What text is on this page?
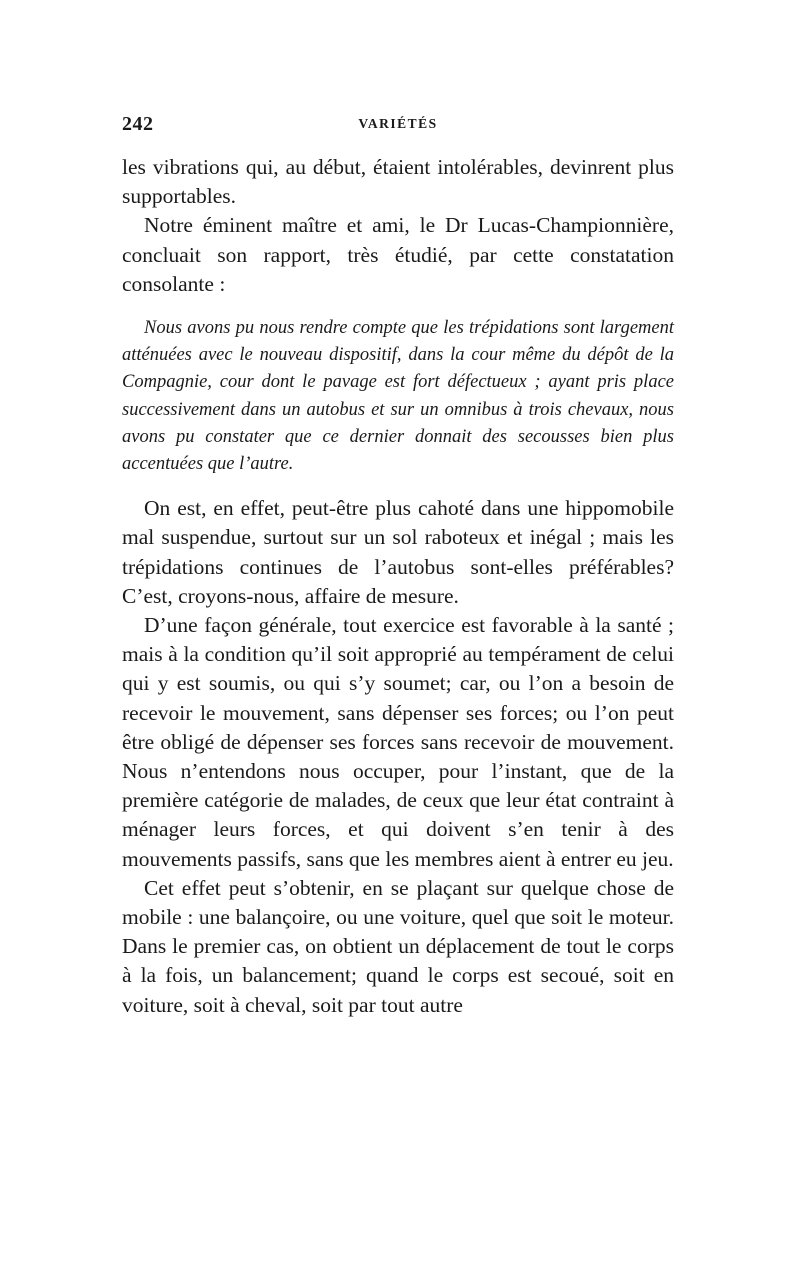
242	VARIÉTÉS

les vibrations qui, au début, étaient intolérables, devinrent plus supportables.

Notre éminent maître et ami, le Dr Lucas-Championnière, concluait son rapport, très étudié, par cette constatation consolante :

Nous avons pu nous rendre compte que les trépidations sont largement atténuées avec le nouveau dispositif, dans la cour même du dépôt de la Compagnie, cour dont le pavage est fort défectueux ; ayant pris place successivement dans un autobus et sur un omnibus à trois chevaux, nous avons pu constater que ce dernier donnait des secousses bien plus accentuées que l’autre.

On est, en effet, peut-être plus cahoté dans une hippomobile mal suspendue, surtout sur un sol raboteux et inégal ; mais les trépidations continues de l’autobus sont-elles préférables? C’est, croyons-nous, affaire de mesure.

D’une façon générale, tout exercice est favorable à la santé ; mais à la condition qu’il soit approprié au tempérament de celui qui y est soumis, ou qui s’y soumet; car, ou l’on a besoin de recevoir le mouvement, sans dépenser ses forces; ou l’on peut être obligé de dépenser ses forces sans recevoir de mouvement. Nous n’entendons nous occuper, pour l’instant, que de la première catégorie de malades, de ceux que leur état contraint à ménager leurs forces, et qui doivent s’en tenir à des mouvements passifs, sans que les membres aient à entrer eu jeu.

Cet effet peut s’obtenir, en se plaçant sur quelque chose de mobile : une balançoire, ou une voiture, quel que soit le moteur. Dans le premier cas, on obtient un déplacement de tout le corps à la fois, un balancement; quand le corps est secoué, soit en voiture, soit à cheval, soit par tout autre
